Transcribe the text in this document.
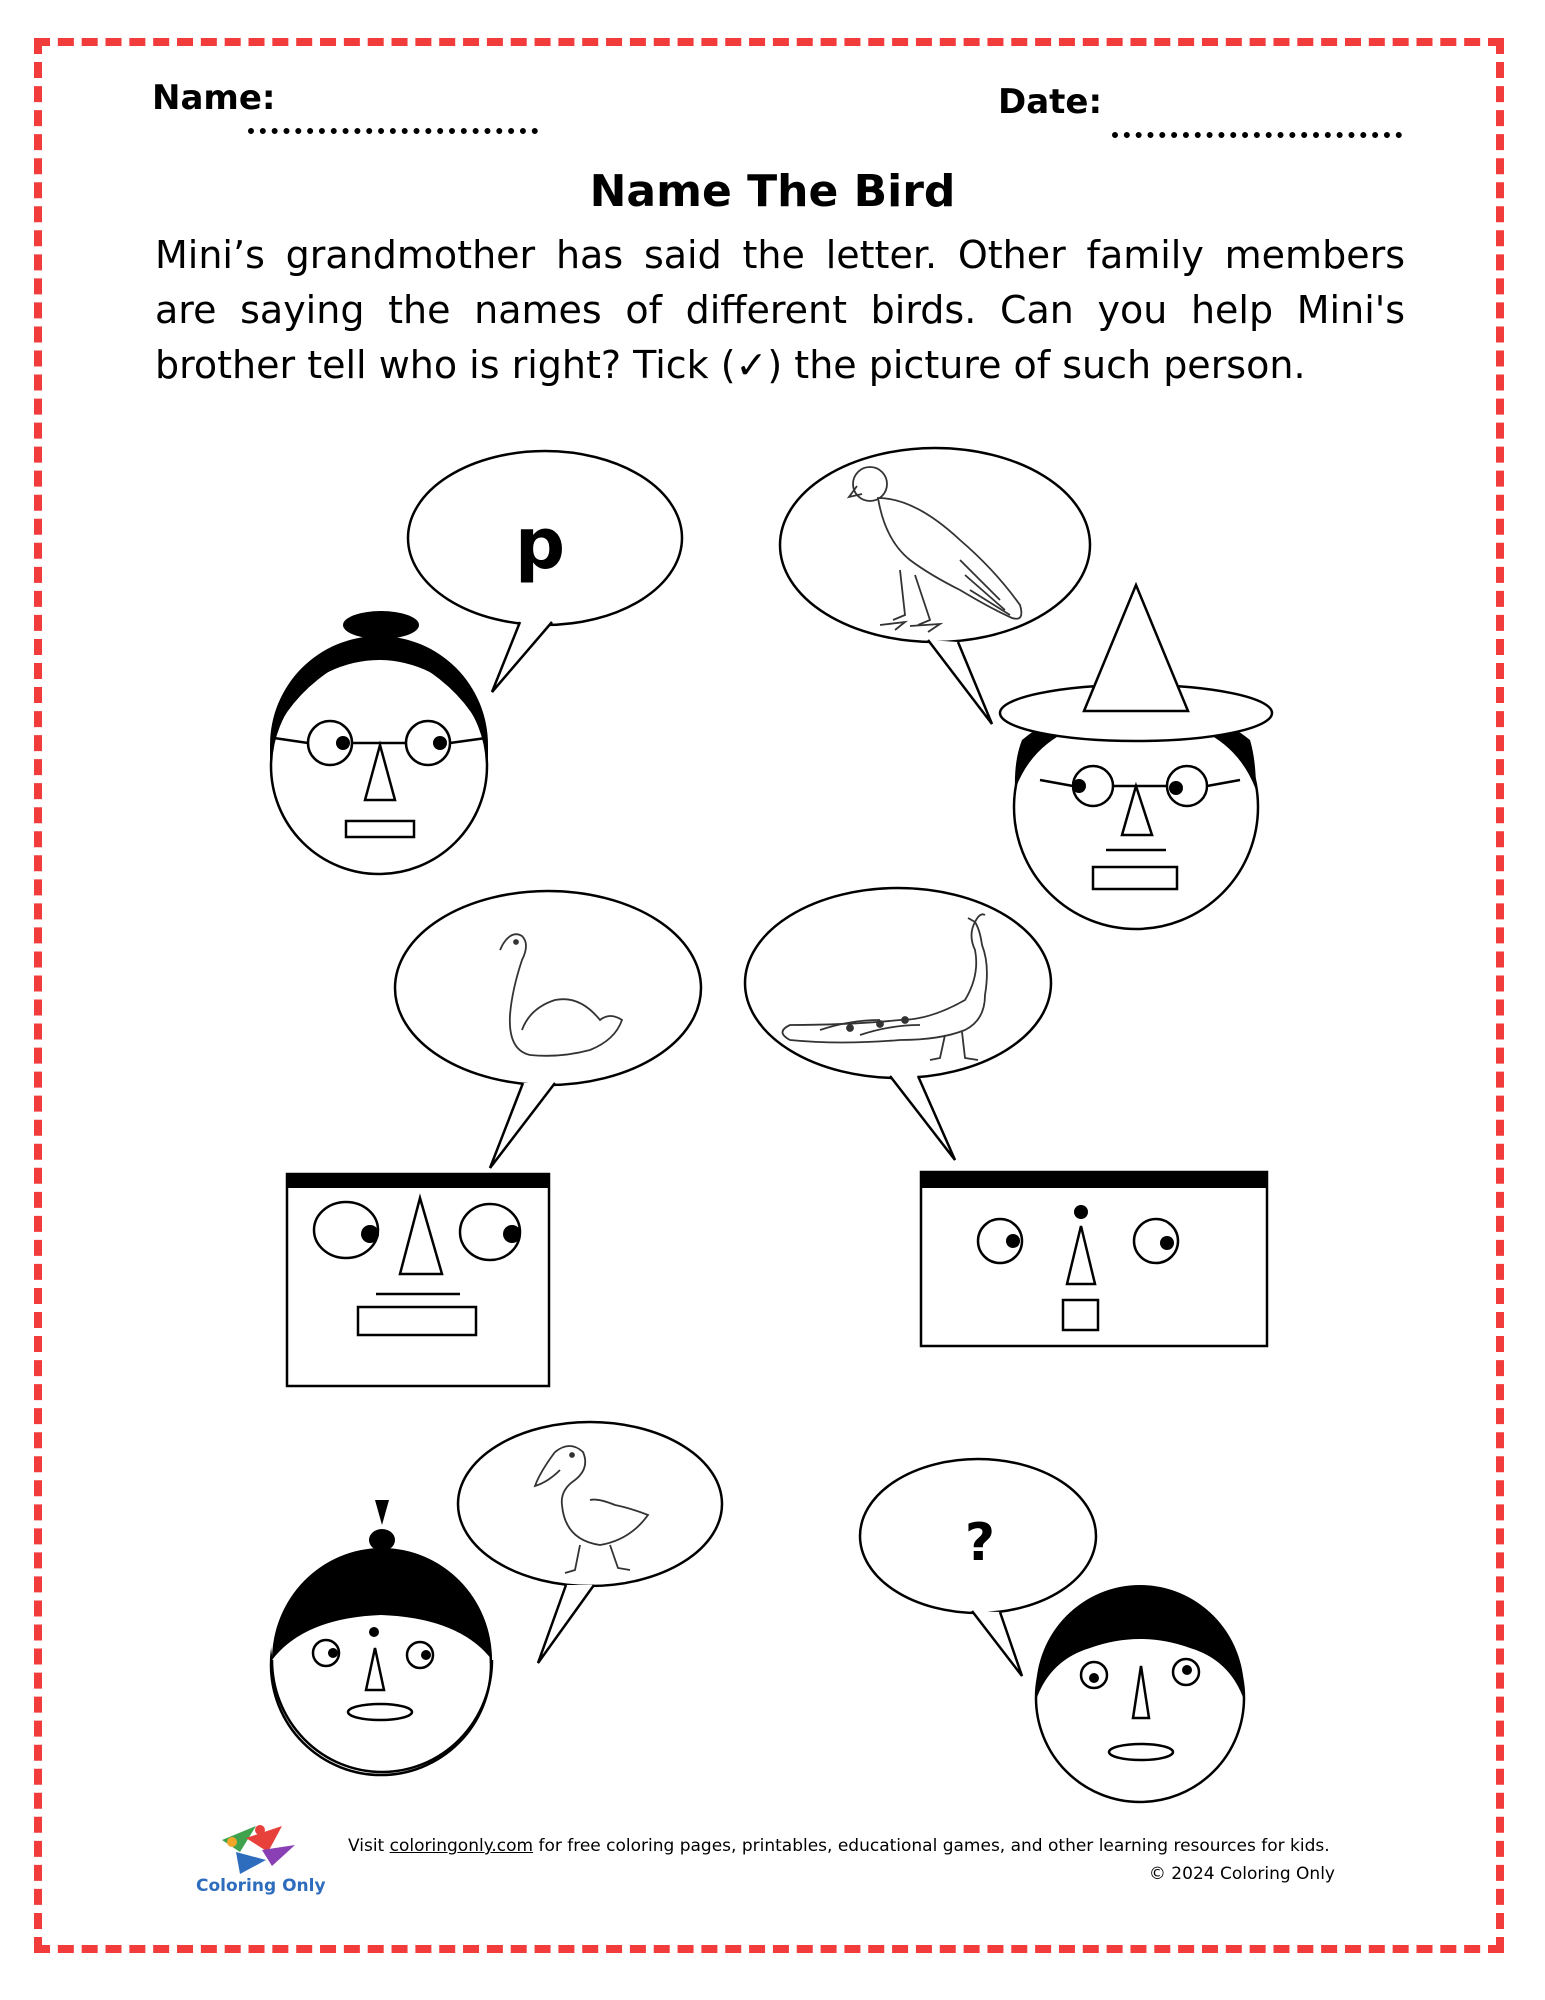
Name:	Date:
Name The Bird
Mini’s grandmother has said the letter. Other family members are saying the names of different birds. Can you help Mini's brother tell who is right? Tick (✓) the picture of such person.
p
?
Visit coloringonly.com for free coloring pages, printables, educational games, and other learning resources for kids.
© 2024 Coloring Only
Coloring Only
